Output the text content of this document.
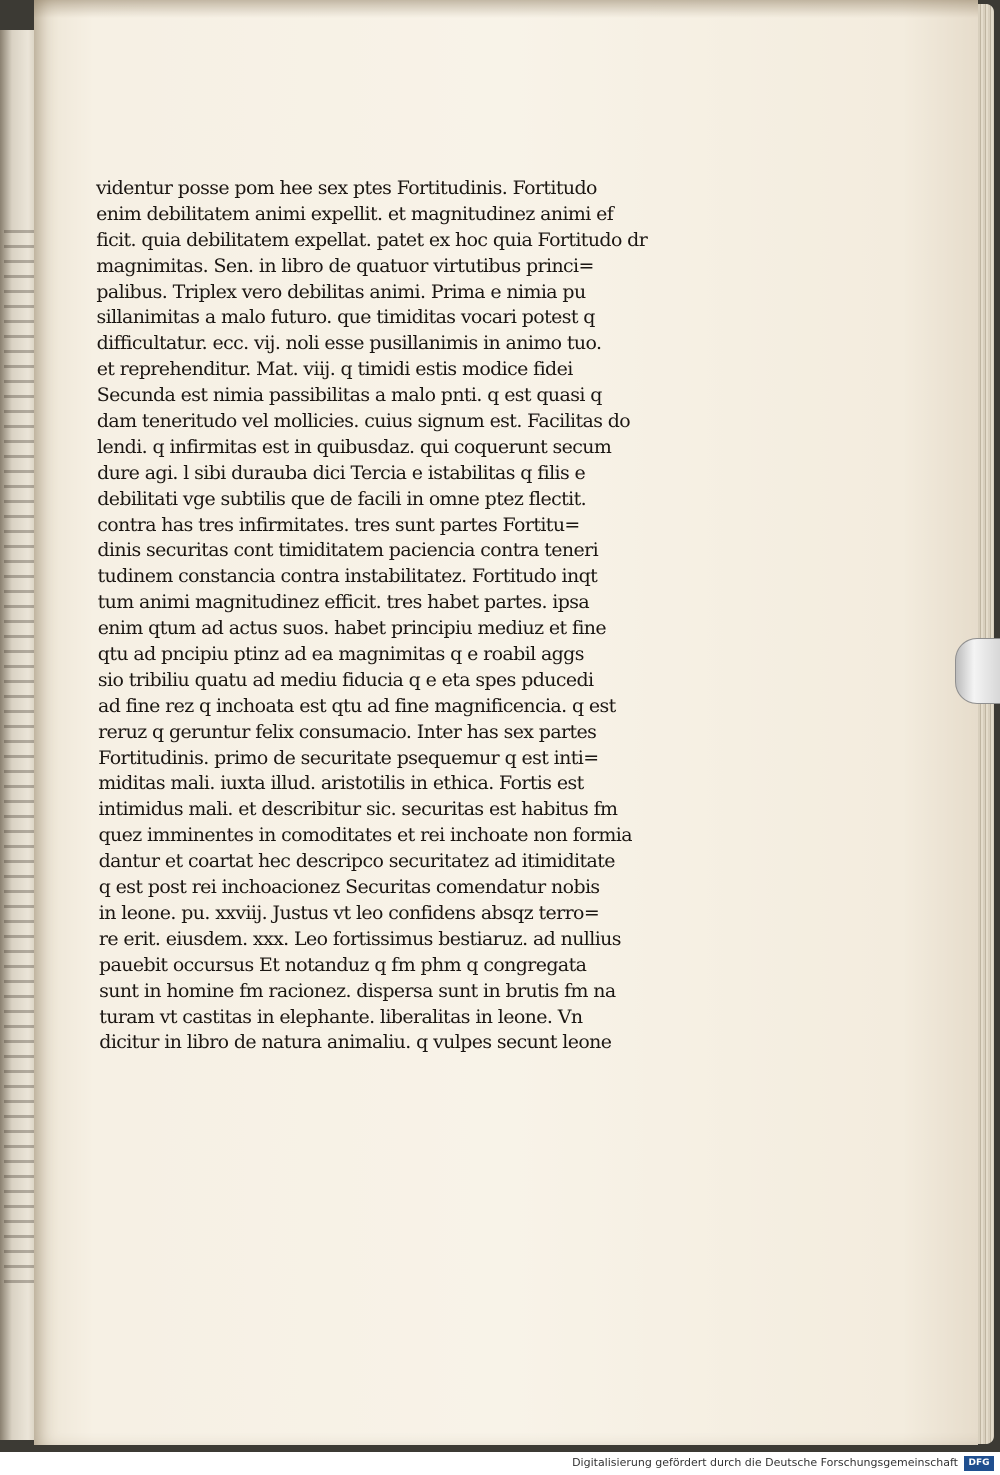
videntur posse pom hee sex ptes Fortitudinis. Fortitudo
enim debilitatem animi expellit. et magnitudinez animi ef
ficit. quia debilitatem expellat. patet ex hoc quia Fortitudo dr
magnimitas. Sen. in libro de quatuor virtutibus princi=
palibus. Triplex vero debilitas animi. Prima e nimia pu
sillanimitas a malo futuro. que timiditas vocari potest q
difficultatur. ecc. vij. noli esse pusillanimis in animo tuo.
et reprehenditur. Mat. viij. q timidi estis modice fidei
Secunda est nimia passibilitas a malo pnti. q est quasi q
dam teneritudo vel mollicies. cuius signum est. Facilitas do
lendi. q infirmitas est in quibusdaz. qui coquerunt secum
dure agi. l sibi durauba dici Tercia e istabilitas q filis e
debilitati vge subtilis que de facili in omne ptez flectit.
contra has tres infirmitates. tres sunt partes Fortitu=
dinis securitas cont timiditatem paciencia contra teneri
tudinem constancia contra instabilitatez. Fortitudo inqt
tum animi magnitudinez efficit. tres habet partes. ipsa
enim qtum ad actus suos. habet principiu mediuz et fine
qtu ad pncipiu ptinz ad ea magnimitas q e roabil aggs
sio tribiliu quatu ad mediu fiducia q e eta spes pducedi
ad fine rez q inchoata est qtu ad fine magnificencia. q est
reruz q geruntur felix consumacio. Inter has sex partes
Fortitudinis. primo de securitate psequemur q est inti=
miditas mali. iuxta illud. aristotilis in ethica. Fortis est
intimidus mali. et describitur sic. securitas est habitus fm
quez imminentes in comoditates et rei inchoate non formia
dantur et coartat hec descripco securitatez ad itimiditate
q est post rei inchoacionez Securitas comendatur nobis
in leone. pu. xxviij. Justus vt leo confidens absqz terro=
re erit. eiusdem. xxx. Leo fortissimus bestiaruz. ad nullius
pauebit occursus Et notanduz q fm phm q congregata
sunt in homine fm racionez. dispersa sunt in brutis fm na
turam vt castitas in elephante. liberalitas in leone. Vn
dicitur in libro de natura animaliu. q vulpes secunt leone
Digitalisierung gefördert durch die Deutsche Forschungsgemeinschaft	DFG
